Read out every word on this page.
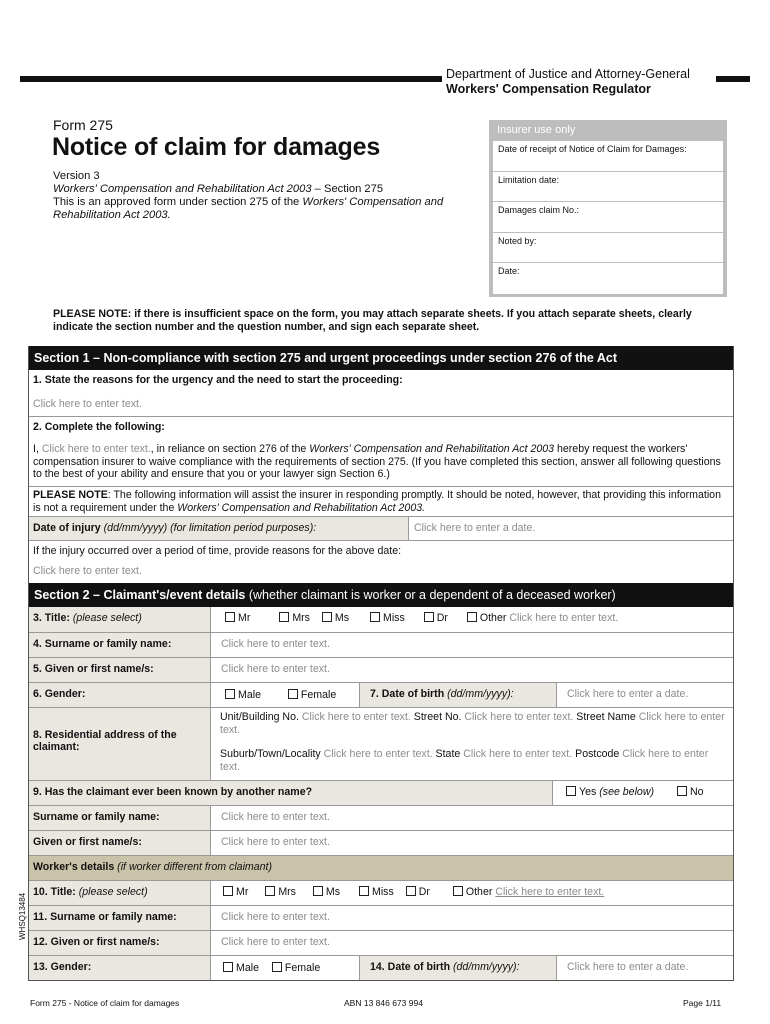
Department of Justice and Attorney-General
Workers' Compensation Regulator
Form 275
Notice of claim for damages
Version 3
Workers' Compensation and Rehabilitation Act 2003 – Section 275
This is an approved form under section 275 of the Workers' Compensation and Rehabilitation Act 2003.
Insurer use only
Date of receipt of Notice of Claim for Damages:
Limitation date:
Damages claim No.:
Noted by:
Date:
PLEASE NOTE: if there is insufficient space on the form, you may attach separate sheets. If you attach separate sheets, clearly indicate the section number and the question number, and sign each separate sheet.
Section 1 – Non-compliance with section 275 and urgent proceedings under section 276 of the Act
1. State the reasons for the urgency and the need to start the proceeding:
Click here to enter text.
2. Complete the following:
I, Click here to enter text., in reliance on section 276 of the Workers' Compensation and Rehabilitation Act 2003 hereby request the workers' compensation insurer to waive compliance with the requirements of section 275. (If you have completed this section, answer all following questions to the best of your ability and ensure that you or your lawyer sign Section 6.)
PLEASE NOTE: The following information will assist the insurer in responding promptly. It should be noted, however, that providing this information is not a requirement under the Workers' Compensation and Rehabilitation Act 2003.
Date of injury (dd/mm/yyyy) (for limitation period purposes):	Click here to enter a date.
If the injury occurred over a period of time, provide reasons for the above date:
Click here to enter text.
Section 2 – Claimant's/event details (whether claimant is worker or a dependent of a deceased worker)
3. Title: (please select)	Mr	Mrs Ms	Miss	Dr	Other Click here to enter text.
4. Surname or family name:	Click here to enter text.
5. Given or first name/s:	Click here to enter text.
6. Gender:	Male	Female	7. Date of birth (dd/mm/yyyy):	Click here to enter a date.
8. Residential address of the claimant:
Unit/Building No. Click here to enter text. Street No. Click here to enter text. Street Name Click here to enter text.
Suburb/Town/Locality Click here to enter text. State Click here to enter text. Postcode Click here to enter text.
9. Has the claimant ever been known by another name?	Yes (see below)	No
Surname or family name:	Click here to enter text.
Given or first name/s:	Click here to enter text.
Worker's details (if worker different from claimant)
10. Title: (please select)	Mr	Mrs	Ms	Miss Dr	Other Click here to enter text.
11. Surname or family name:	Click here to enter text.
12. Given or first name/s:	Click here to enter text.
13. Gender:	Male Female	14. Date of birth (dd/mm/yyyy):	Click here to enter a date.
WHSQ13484
Form 275 - Notice of claim for damages	ABN 13 846 673 994	Page 1/11
